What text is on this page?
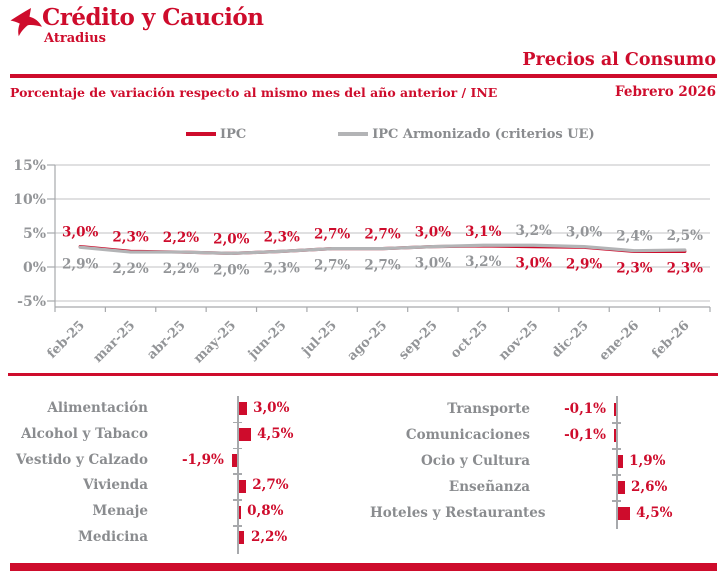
Crédito y Caución
Atradius
Precios al Consumo
Porcentaje de variación respecto al mismo mes del año anterior / INE	Febrero 2026
IPC	IPC Armonizado (criterios UE)
15%
10%
5%
0%
-5%
feb-25 mar-25 abr-25 may-25 jun-25 jul-25 ago-25 sep-25 oct-25 nov-25 dic-25 ene-26 feb-26
3,0%
2,9%
2,3%
2,2%
2,2%
2,2%
2,0%
2,0%
2,3%
2,3%
2,7%
2,7%
2,7%
2,7%
3,0%
3,0%
3,1%
3,2%
3,2%
3,0%
3,0%
2,9%
2,4%
2,3%
2,5%
2,3%
Alimentación	3,0%
Alcohol y Tabaco	4,5%
Vestido y Calzado	-1,9%
Vivienda	2,7%
Menaje	0,8%
Medicina	2,2%
Transporte	-0,1%
Comunicaciones	-0,1%
Ocio y Cultura	1,9%
Enseñanza	2,6%
Hoteles y Restaurantes	4,5%
